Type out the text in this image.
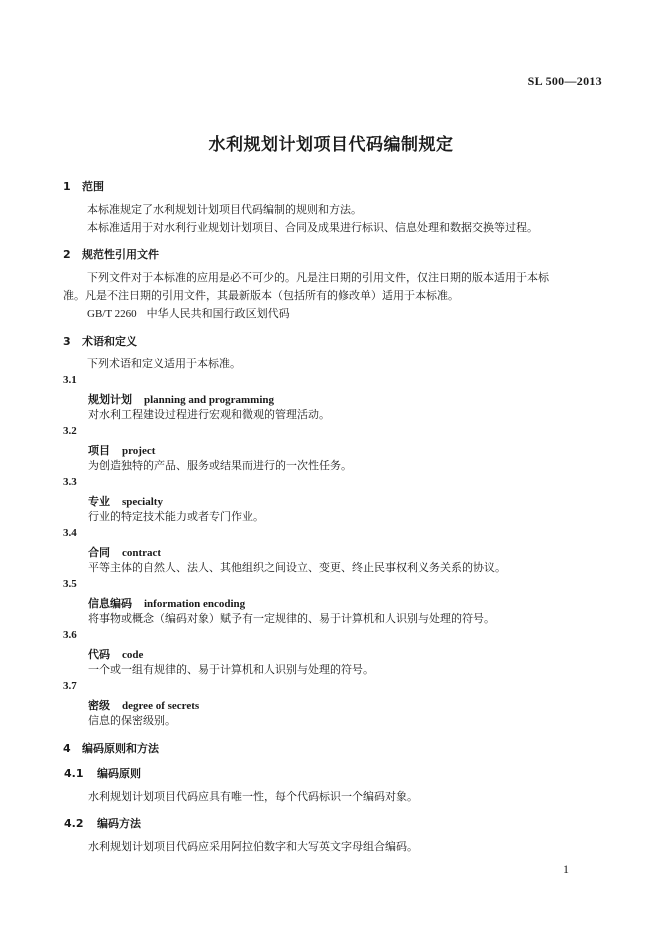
SL 500—2013
水利规划计划项目代码编制规定
1 范围
本标准规定了水利规划计划项目代码编制的规则和方法。
本标准适用于对水利行业规划计划项目、合同及成果进行标识、信息处理和数据交换等过程。
2 规范性引用文件
下列文件对于本标准的应用是必不可少的。凡是注日期的引用文件，仅注日期的版本适用于本标
准。凡是不注日期的引用文件，其最新版本（包括所有的修改单）适用于本标准。
GB/T 2260 中华人民共和国行政区划代码
3 术语和定义
下列术语和定义适用于本标准。
3.1
规划计划 planning and programming
对水利工程建设过程进行宏观和微观的管理活动。
3.2
项目 project
为创造独特的产品、服务或结果而进行的一次性任务。
3.3
专业 specialty
行业的特定技术能力或者专门作业。
3.4
合同 contract
平等主体的自然人、法人、其他组织之间设立、变更、终止民事权利义务关系的协议。
3.5
信息编码 information encoding
将事物或概念（编码对象）赋予有一定规律的、易于计算机和人识别与处理的符号。
3.6
代码 code
一个或一组有规律的、易于计算机和人识别与处理的符号。
3.7
密级 degree of secrets
信息的保密级别。
4 编码原则和方法
4.1 编码原则
水利规划计划项目代码应具有唯一性，每个代码标识一个编码对象。
4.2 编码方法
水利规划计划项目代码应采用阿拉伯数字和大写英文字母组合编码。
1
